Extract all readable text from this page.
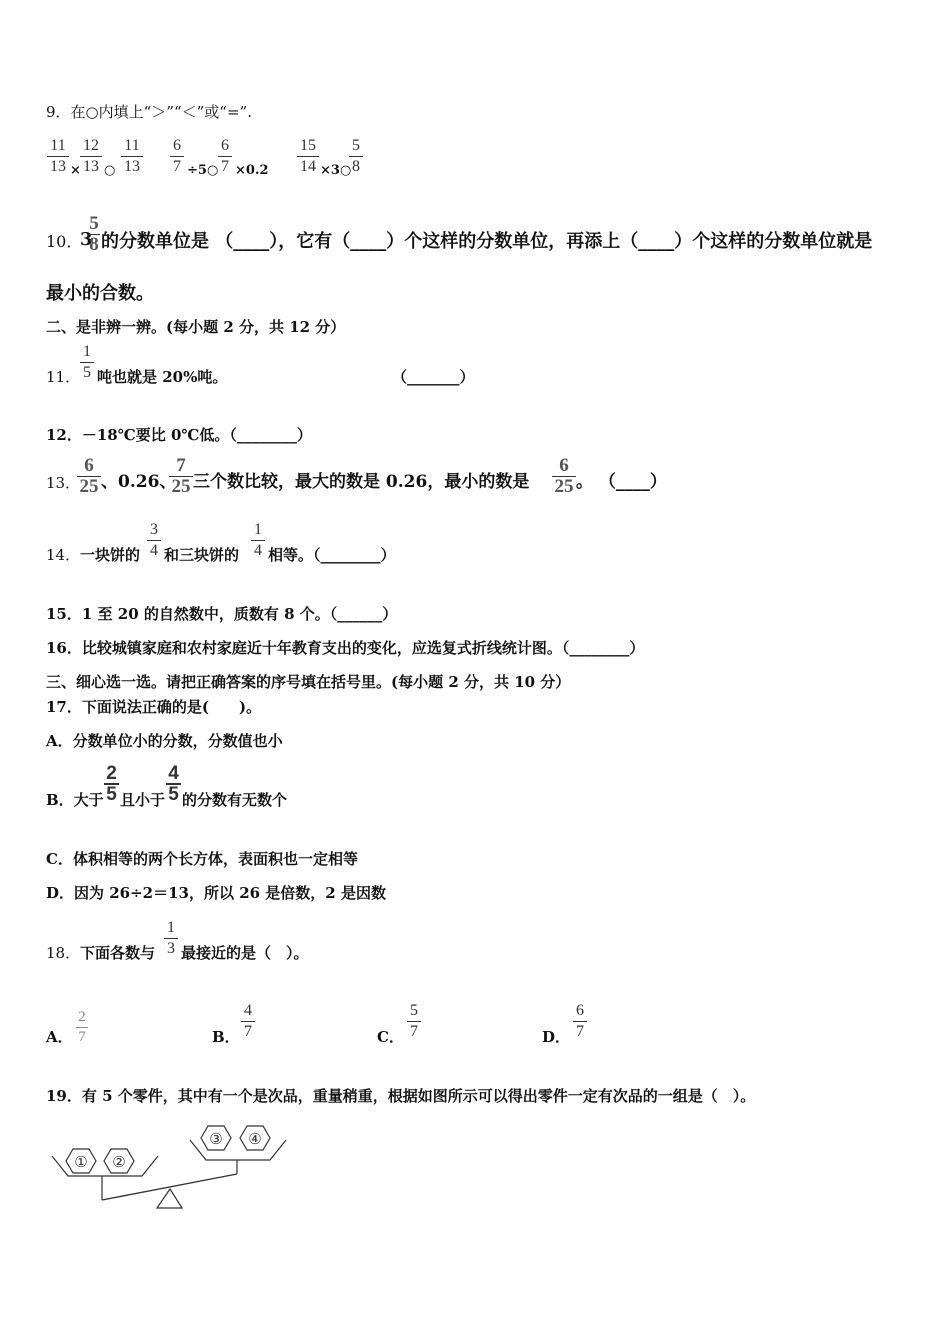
9．在○内填上“＞”“＜”或“=”.
11
13 ×
12
13 ○
11
13
6
7 ÷5○
6
7 ×0.2
15
14 ×3○
5
8
10．
3
5
8 的分数单位是 （____），它有（____）个这样的分数单位，再添上（____）个这样的分数单位就是
最小的合数。
二、是非辨一辨。(每小题 2 分，共 12 分）
11．
1
5 吨也就是 20%吨。	（_______）
12．－18℃要比 0℃低。（________）
13．
6
25 、0.26、
7
25 三个数比较，最大的数是 0.26，最小的数是
6
25 。 （____）
14． 一块饼的
3
4 和三块饼的
1
4 相等。（________）
15．1 至 20 的自然数中，质数有 8 个。（______）
16．比较城镇家庭和农村家庭近十年教育支出的变化，应选复式折线统计图。（________）
三、细心选一选。请把正确答案的序号填在括号里。(每小题 2 分，共 10 分）
17．下面说法正确的是(　　)。
A．分数单位小的分数，分数值也小
B．大于
2
5 且小于
4
5 的分数有无数个
C．体积相等的两个长方体，表面积也一定相等
D．因为 26÷2＝13，所以 26 是倍数，2 是因数
18． 下面各数与
1
3 最接近的是（　）。
A．
2
7	B．
4
7	C．
5
7	D．
6
7
19．有 5 个零件，其中有一个是次品，重量稍重，根据如图所示可以得出零件一定有次品的一组是（　）。
① ②
③ ④
